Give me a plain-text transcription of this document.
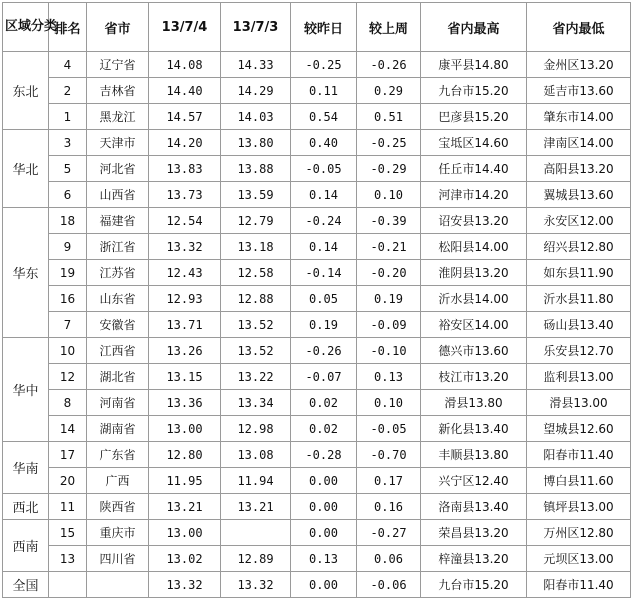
区域分类	排名	省市	13/7/4	13/7/3	较昨日	较上周	省内最高	省内最低
东北	4	辽宁省	14.08	14.33	-0.25	-0.26	康平县14.80	金州区13.20
	2	吉林省	14.40	14.29	0.11	0.29	九台市15.20	延吉市13.60
	1	黑龙江	14.57	14.03	0.54	0.51	巴彦县15.20	肇东市14.00
华北	3	天津市	14.20	13.80	0.40	-0.25	宝坻区14.60	津南区14.00
	5	河北省	13.83	13.88	-0.05	-0.29	任丘市14.40	高阳县13.20
	6	山西省	13.73	13.59	0.14	0.10	河津市14.20	翼城县13.60
华东	18	福建省	12.54	12.79	-0.24	-0.39	诏安县13.20	永安区12.00
	9	浙江省	13.32	13.18	0.14	-0.21	松阳县14.00	绍兴县12.80
	19	江苏省	12.43	12.58	-0.14	-0.20	淮阴县13.20	如东县11.90
	16	山东省	12.93	12.88	0.05	0.19	沂水县14.00	沂水县11.80
	7	安徽省	13.71	13.52	0.19	-0.09	裕安区14.00	砀山县13.40
华中	10	江西省	13.26	13.52	-0.26	-0.10	德兴市13.60	乐安县12.70
	12	湖北省	13.15	13.22	-0.07	0.13	枝江市13.20	监利县13.00
	8	河南省	13.36	13.34	0.02	0.10	滑县13.80	滑县13.00
	14	湖南省	13.00	12.98	0.02	-0.05	新化县13.40	望城县12.60
华南	17	广东省	12.80	13.08	-0.28	-0.70	丰顺县13.80	阳春市11.40
	20	广西	11.95	11.94	0.00	0.17	兴宁区12.40	博白县11.60
西北	11	陕西省	13.21	13.21	0.00	0.16	洛南县13.40	镇坪县13.00
西南	15	重庆市	13.00		0.00	-0.27	荣昌县13.20	万州区12.80
	13	四川省	13.02	12.89	0.13	0.06	梓潼县13.20	元坝区13.00
全国			13.32	13.32	0.00	-0.06	九台市15.20	阳春市11.40
